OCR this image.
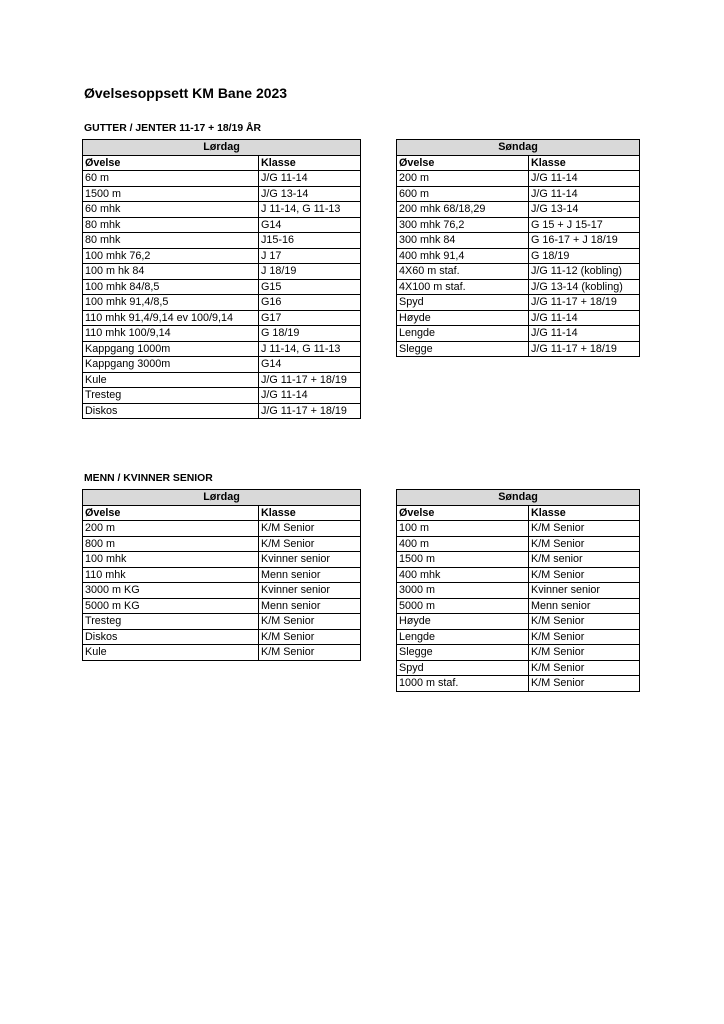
Øvelsesoppsett KM Bane 2023
GUTTER / JENTER 11-17 + 18/19 ÅR
Lørdag	
Øvelse	Klasse
60 m	J/G 11-14
1500 m	J/G 13-14
60 mhk	J 11-14, G 11-13
80 mhk	G14
80 mhk	J15-16
100 mhk 76,2	J 17
100 m hk 84	J 18/19
100 mhk 84/8,5	G15
100 mhk 91,4/8,5	G16
110 mhk 91,4/9,14 ev 100/9,14	G17
110 mhk 100/9,14	G 18/19
Kappgang 1000m	J 11-14, G 11-13
Kappgang 3000m	G14
Kule	J/G 11-17 + 18/19
Tresteg	J/G 11-14
Diskos	J/G 11-17 + 18/19
Søndag	
Øvelse	Klasse
200 m	J/G 11-14
600 m	J/G 11-14
200 mhk 68/18,29	J/G 13-14
300 mhk 76,2	G 15 + J 15-17
300 mhk 84	G 16-17 + J 18/19
400 mhk 91,4	G 18/19
4X60 m staf.	J/G 11-12 (kobling)
4X100 m staf.	J/G 13-14 (kobling)
Spyd	J/G 11-17 + 18/19
Høyde	J/G 11-14
Lengde	J/G 11-14
Slegge	J/G 11-17 + 18/19
MENN / KVINNER SENIOR
Lørdag	
Øvelse	Klasse
200 m	K/M Senior
800 m	K/M Senior
100 mhk	Kvinner senior
110 mhk	Menn senior
3000 m KG	Kvinner senior
5000 m KG	Menn senior
Tresteg	K/M Senior
Diskos	K/M Senior
Kule	K/M Senior
Søndag	
Øvelse	Klasse
100 m	K/M Senior
400 m	K/M Senior
1500 m	K/M senior
400 mhk	K/M Senior
3000 m	Kvinner senior
5000 m	Menn senior
Høyde	K/M Senior
Lengde	K/M Senior
Slegge	K/M Senior
Spyd	K/M Senior
1000 m staf.	K/M Senior
